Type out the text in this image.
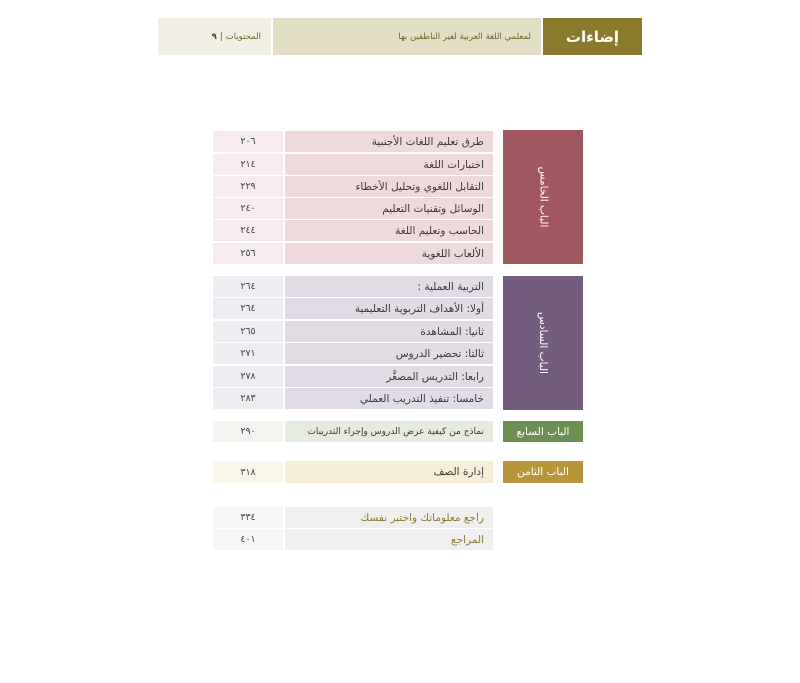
إضاءات
لمعلمي اللغة العربية لغير الناطقين بها
المحتويات
|
٩
الباب الخامس
الباب السادس
الباب السابع
الباب الثامن
طرق تعليم اللغات الأجنبية
٢٠٦
اختبارات اللغة
٢١٤
التقابل اللغوي وتحليل الأخطاء
٢٢٩
الوسائل وتقنيات التعليم
٢٤٠
الحاسب وتعليم اللغة
٢٤٤
الألعاب اللغوية
٢٥٦
التربية العملية :
٢٦٤
أولا: الأهداف التربوية التعليمية
٢٦٤
ثانيا: المشاهدة
٢٦٥
ثالثا: تحضير الدروس
٢٧١
رابعا: التدريس المصغَّر
٢٧٨
خامسا: تنفيذ التدريب العملي
٢٨٣
نماذج من كيفية عرض الدروس وإجراء التدريبات
٢٩٠
إدارة الصف
٣١٨
راجع معلوماتك واختبر نفسك
٣٣٤
المراجع
٤٠١
